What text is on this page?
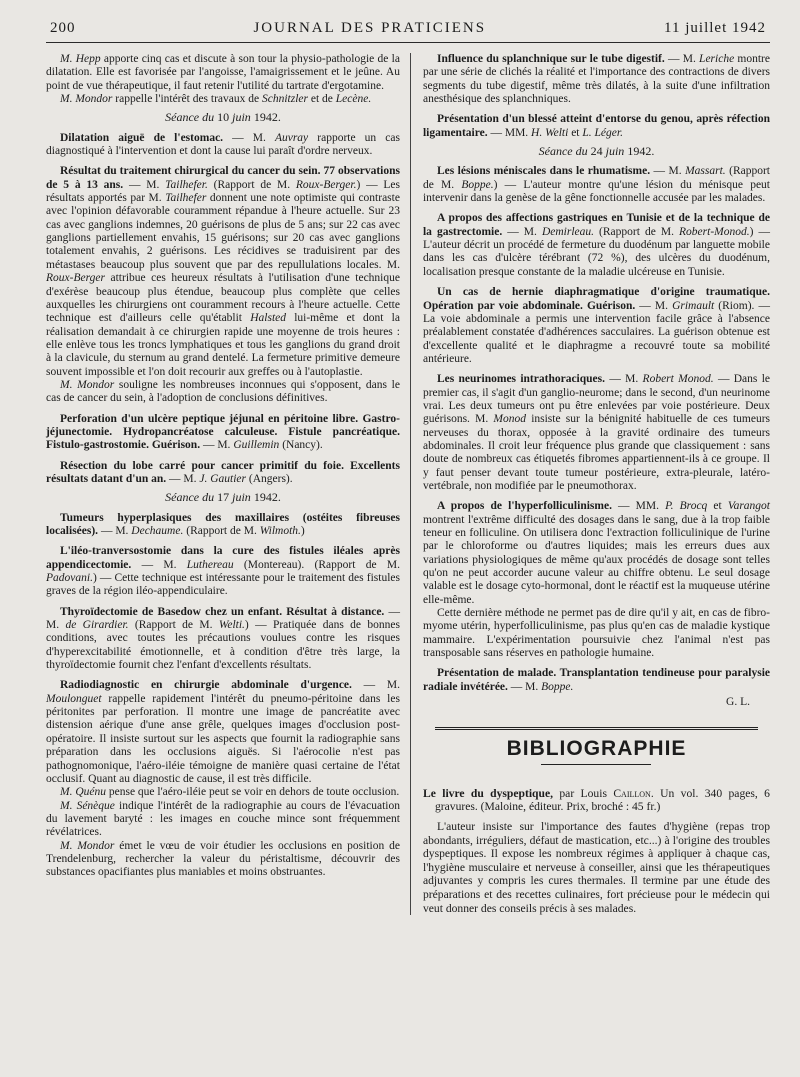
200	JOURNAL DES PRATICIENS	11 juillet 1942

M. Hepp apporte cinq cas et discute à son tour la physio-pathologie de la dilatation. Elle est favorisée par l'angoisse, l'amaigrissement et le jeûne. Au point de vue thérapeutique, il faut retenir l'utilité du tartrate d'ergotamine.

M. Mondor rappelle l'intérêt des travaux de Schnitzler et de Lecène.

Séance du 10 juin 1942.

Dilatation aiguë de l'estomac. — M. Auvray rapporte un cas diagnostiqué à l'intervention et dont la cause lui paraît d'ordre nerveux.

Résultat du traitement chirurgical du cancer du sein. 77 observations de 5 à 13 ans. — M. Tailhefer. (Rapport de M. Roux-Berger.) — Les résultats apportés par M. Tailhefer donnent une note optimiste qui contraste avec l'opinion défavorable couramment répandue à l'heure actuelle. Sur 23 cas avec ganglions indemnes, 20 guérisons de plus de 5 ans; sur 22 cas avec ganglions partiellement envahis, 15 guérisons; sur 20 cas avec ganglions totalement envahis, 2 guérisons. Les récidives se traduisirent par des métastases beaucoup plus souvent que par des repullulations locales. M. Roux-Berger attribue ces heureux résultats à l'utilisation d'une technique d'exérèse beaucoup plus étendue, beaucoup plus complète que celles auxquelles les chirurgiens ont couramment recours à l'heure actuelle. Cette technique est d'ailleurs celle qu'établit Halsted lui-même et dont la réalisation demandait à ce chirurgien rapide une moyenne de trois heures : elle enlève tous les troncs lymphatiques et tous les ganglions du grand droit à la clavicule, du sternum au grand dentelé. La fermeture primitive demeure souvent impossible et l'on doit recourir aux greffes ou à l'autoplastie.

M. Mondor souligne les nombreuses inconnues qui s'opposent, dans le cas de cancer du sein, à l'adoption de conclusions définitives.

Perforation d'un ulcère peptique jéjunal en péritoine libre. Gastro-jéjunectomie. Hydropancréatose calculeuse. Fistule pancréatique. Fistulo-gastrostomie. Guérison. — M. Guillemin (Nancy).

Résection du lobe carré pour cancer primitif du foie. Excellents résultats datant d'un an. — M. J. Gautier (Angers).

Séance du 17 juin 1942.

Tumeurs hyperplasiques des maxillaires (ostéites fibreuses localisées). — M. Dechaume. (Rapport de M. Wilmoth.)

L'iléo-tranversostomie dans la cure des fistules iléales après appendicectomie. — M. Luthereau (Montereau). (Rapport de M. Padovani.) — Cette technique est intéressante pour le traitement des fistules graves de la région iléo-appendiculaire.

Thyroïdectomie de Basedow chez un enfant. Résultat à distance. — M. de Girardier. (Rapport de M. Welti.) — Pratiquée dans de bonnes conditions, avec toutes les précautions voulues contre les risques d'hyperexcitabilité émotionnelle, et à condition d'être très large, la thyroïdectomie fournit chez l'enfant d'excellents résultats.

Radiodiagnostic en chirurgie abdominale d'urgence. — M. Moulonguet rappelle rapidement l'intérêt du pneumo-péritoine dans les péritonites par perforation. Il montre une image de pancréatite avec distension aérique d'une anse grêle, quelques images d'occlusion post-opératoire. Il insiste surtout sur les aspects que fournit la radiographie sans préparation dans les occlusions aiguës. Si l'aérocolie n'est pas pathognomonique, l'aéro-iléie témoigne de manière quasi certaine de l'état occlusif. Quant au diagnostic de cause, il est très difficile.

M. Quénu pense que l'aéro-iléie peut se voir en dehors de toute occlusion.

M. Sénèque indique l'intérêt de la radiographie au cours de l'évacuation du lavement baryté : les images en couche mince sont fréquemment révélatrices.

M. Mondor émet le vœu de voir étudier les occlusions en position de Trendelenburg, rechercher la valeur du péristaltisme, découvrir des substances opacifiantes plus maniables et moins obstruantes.

Influence du splanchnique sur le tube digestif. — M. Leriche montre par une série de clichés la réalité et l'importance des contractions de divers segments du tube digestif, même très dilatés, à la suite d'une infiltration anesthésique des splanchniques.

Présentation d'un blessé atteint d'entorse du genou, après réfection ligamentaire. — MM. H. Welti et L. Léger.

Séance du 24 juin 1942.

Les lésions méniscales dans le rhumatisme. — M. Massart. (Rapport de M. Boppe.) — L'auteur montre qu'une lésion du ménisque peut intervenir dans la genèse de la gêne fonctionnelle accusée par les malades.

A propos des affections gastriques en Tunisie et de la technique de la gastrectomie. — M. Demirleau. (Rapport de M. Robert-Monod.) — L'auteur décrit un procédé de fermeture du duodénum par languette mobile dans les cas d'ulcère térébrant (72 %), des ulcères du duodénum, localisation presque constante de la maladie ulcéreuse en Tunisie.

Un cas de hernie diaphragmatique d'origine traumatique. Opération par voie abdominale. Guérison. — M. Grimault (Riom). — La voie abdominale a permis une intervention facile grâce à l'absence préalablement constatée d'adhérences sacculaires. La guérison obtenue est d'excellente qualité et le diaphragme a recouvré toute sa mobilité antérieure.

Les neurinomes intrathoraciques. — M. Robert Monod. — Dans le premier cas, il s'agit d'un ganglio-neurome; dans le second, d'un neurinome vrai. Les deux tumeurs ont pu être enlevées par voie postérieure. Deux guérisons. M. Monod insiste sur la bénignité habituelle de ces tumeurs nerveuses du thorax, opposée à la gravité ordinaire des tumeurs abdominales. Il croit leur fréquence plus grande que classiquement : sans doute de nombreux cas étiquetés fibromes appartiennent-ils à ce groupe. Il y faut penser devant toute tumeur postérieure, extra-pleurale, latéro-vertébrale, non modifiée par le pneumothorax.

A propos de l'hyperfolliculinisme. — MM. P. Brocq et Varangot montrent l'extrême difficulté des dosages dans le sang, due à la trop faible teneur en folliculine. On utilisera donc l'extraction folliculinique de l'urine par le chloroforme ou d'autres liquides; mais les erreurs dues aux variations physiologiques de même qu'aux procédés de dosage sont telles qu'on ne peut accorder aucune valeur au chiffre obtenu. Le seul dosage valable est le dosage cyto-hormonal, dont le réactif est la muqueuse utérine elle-même.

Cette dernière méthode ne permet pas de dire qu'il y ait, en cas de fibro-myome utérin, hyperfolliculinisme, pas plus qu'en cas de maladie kystique mammaire. L'expérimentation poursuivie chez l'animal n'est pas transposable sans réserves en pathologie humaine.

Présentation de malade. Transplantation tendineuse pour paralysie radiale invétérée. — M. Boppe.

G. L.
BIBLIOGRAPHIE

Le livre du dyspeptique, par Louis Caillon. Un vol. 340 pages, 6 gravures. (Maloine, éditeur. Prix, broché : 45 fr.)

L'auteur insiste sur l'importance des fautes d'hygiène (repas trop abondants, irréguliers, défaut de mastication, etc...) à l'origine des troubles dyspeptiques. Il expose les nombreux régimes à appliquer à chaque cas, l'hygiène musculaire et nerveuse à conseiller, ainsi que les thérapeutiques adjuvantes y compris les cures thermales. Il termine par une étude des préparations et des recettes culinaires, fort précieuse pour le médecin qui veut donner des conseils précis à ses malades.
